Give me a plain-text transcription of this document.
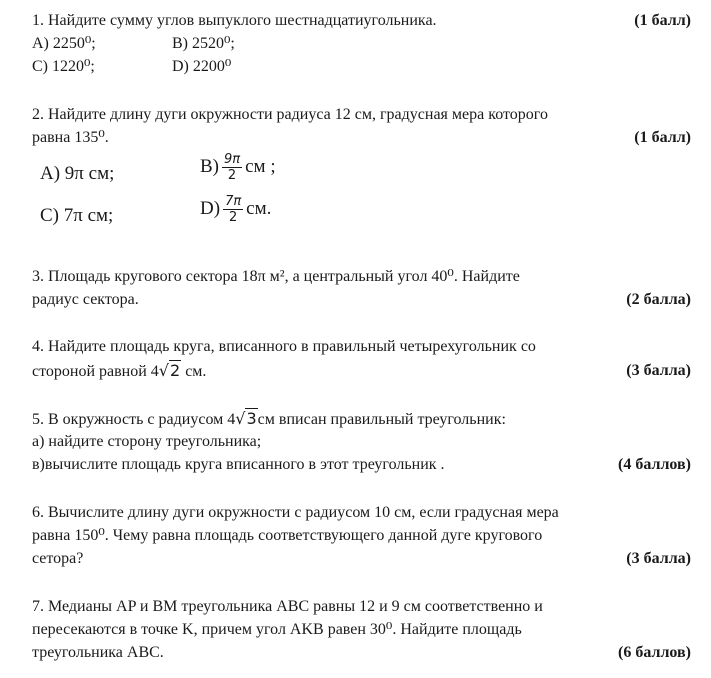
1. Найдите сумму углов выпуклого шестнадцатиугольника.	(1 балл)
A) 2250⁰;	B) 2520⁰;
C) 1220⁰;	D) 2200⁰
2. Найдите длину дуги окружности радиуса 12 см, градусная мера которого
равна 135⁰.	(1 балл)
A) 9π см;	$B) \frac{9\pi}{2}$ см ;
C) 7π см;	$D) \frac{7\pi}{2}$ см.
3. Площадь кругового сектора 18π м², а центральный угол 40⁰. Найдите
радиус сектора.	(2 балла)
4. Найдите площадь круга, вписанного в правильный четырехугольник со
стороной равной 4√2 см.	(3 балла)
5. В окружность с радиусом 4√3см вписан правильный треугольник:
а) найдите сторону треугольника;
в)вычислите площадь круга вписанного в этот треугольник .	(4 баллов)
6. Вычислите длину дуги окружности с радиусом 10 см, если градусная мера
равна 150⁰. Чему равна площадь соответствующего данной дуге кругового
сетора?	(3 балла)
7. Медианы AP и BM треугольника ABC равны 12 и 9 см соответственно и
пересекаются в точке K, причем угол AKB равен 30⁰. Найдите площадь
треугольника ABC.	(6 баллов)
